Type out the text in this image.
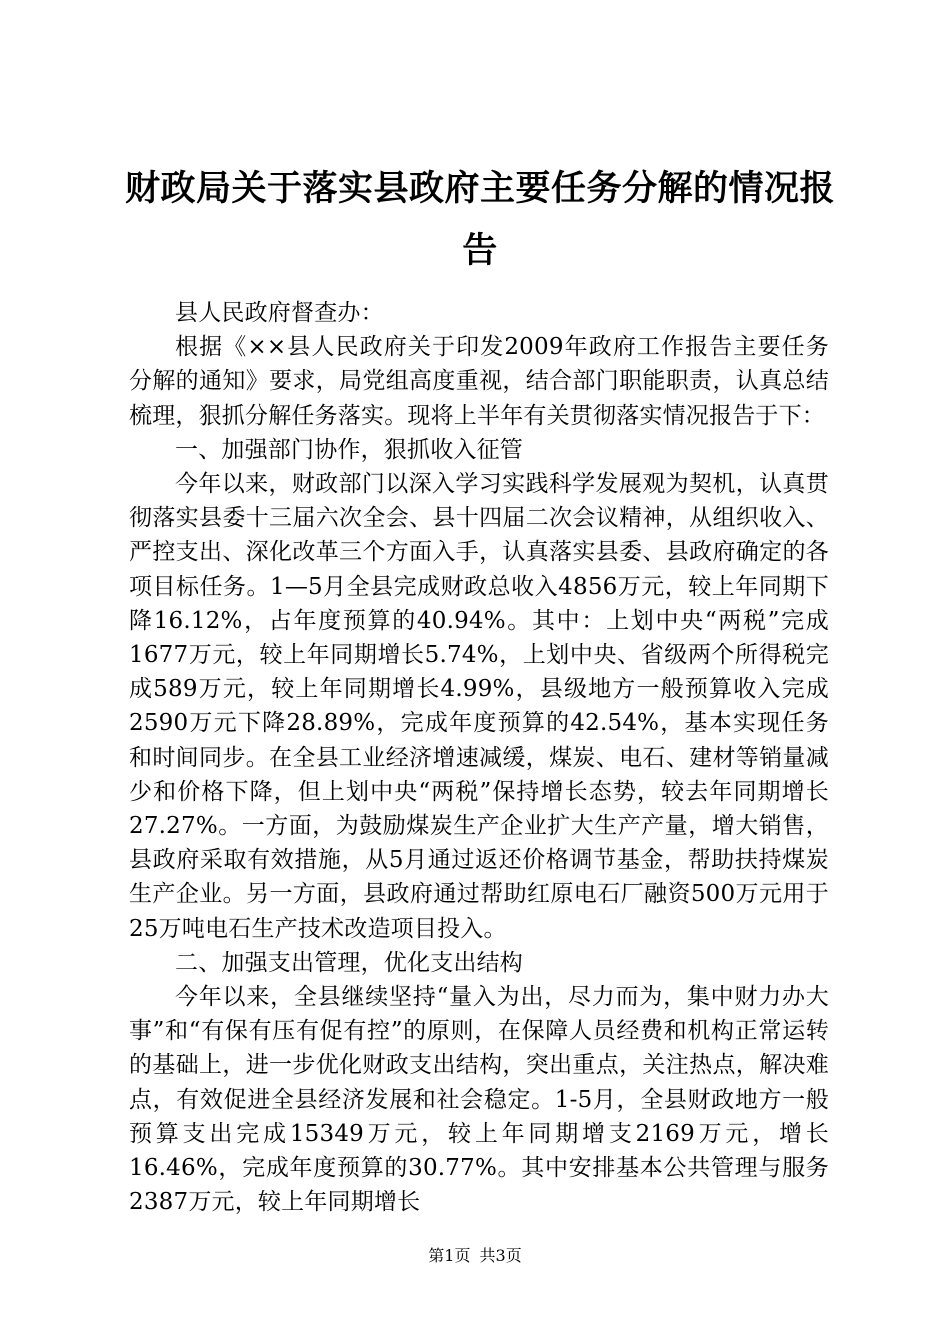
财政局关于落实县政府主要任务分解的情况报告

县人民政府督查办：

根据《××县人民政府关于印发2009年政府工作报告主要任务分解的通知》要求，局党组高度重视，结合部门职能职责，认真总结梳理，狠抓分解任务落实。现将上半年有关贯彻落实情况报告于下：

一、加强部门协作，狠抓收入征管

今年以来，财政部门以深入学习实践科学发展观为契机，认真贯彻落实县委十三届六次全会、县十四届二次会议精神，从组织收入、严控支出、深化改革三个方面入手，认真落实县委、县政府确定的各项目标任务。1—5月全县完成财政总收入4856万元，较上年同期下降16.12%，占年度预算的40.94%。其中：上划中央“两税”完成1677万元，较上年同期增长5.74%，上划中央、省级两个所得税完成589万元，较上年同期增长4.99%，县级地方一般预算收入完成2590万元下降28.89%，完成年度预算的42.54%，基本实现任务和时间同步。在全县工业经济增速减缓，煤炭、电石、建材等销量减少和价格下降，但上划中央“两税”保持增长态势，较去年同期增长27.27%。一方面，为鼓励煤炭生产企业扩大生产产量，增大销售，县政府采取有效措施，从5月通过返还价格调节基金，帮助扶持煤炭生产企业。另一方面，县政府通过帮助红原电石厂融资500万元用于25万吨电石生产技术改造项目投入。

二、加强支出管理，优化支出结构

今年以来，全县继续坚持“量入为出，尽力而为，集中财力办大事”和“有保有压有促有控”的原则，在保障人员经费和机构正常运转的基础上，进一步优化财政支出结构，突出重点，关注热点，解决难点，有效促进全县经济发展和社会稳定。1-5月，全县财政地方一般预算支出完成15349万元，较上年同期增支2169万元，增长16.46%，完成年度预算的30.77%。其中安排基本公共管理与服务2387万元，较上年同期增长

第1页 共3页
